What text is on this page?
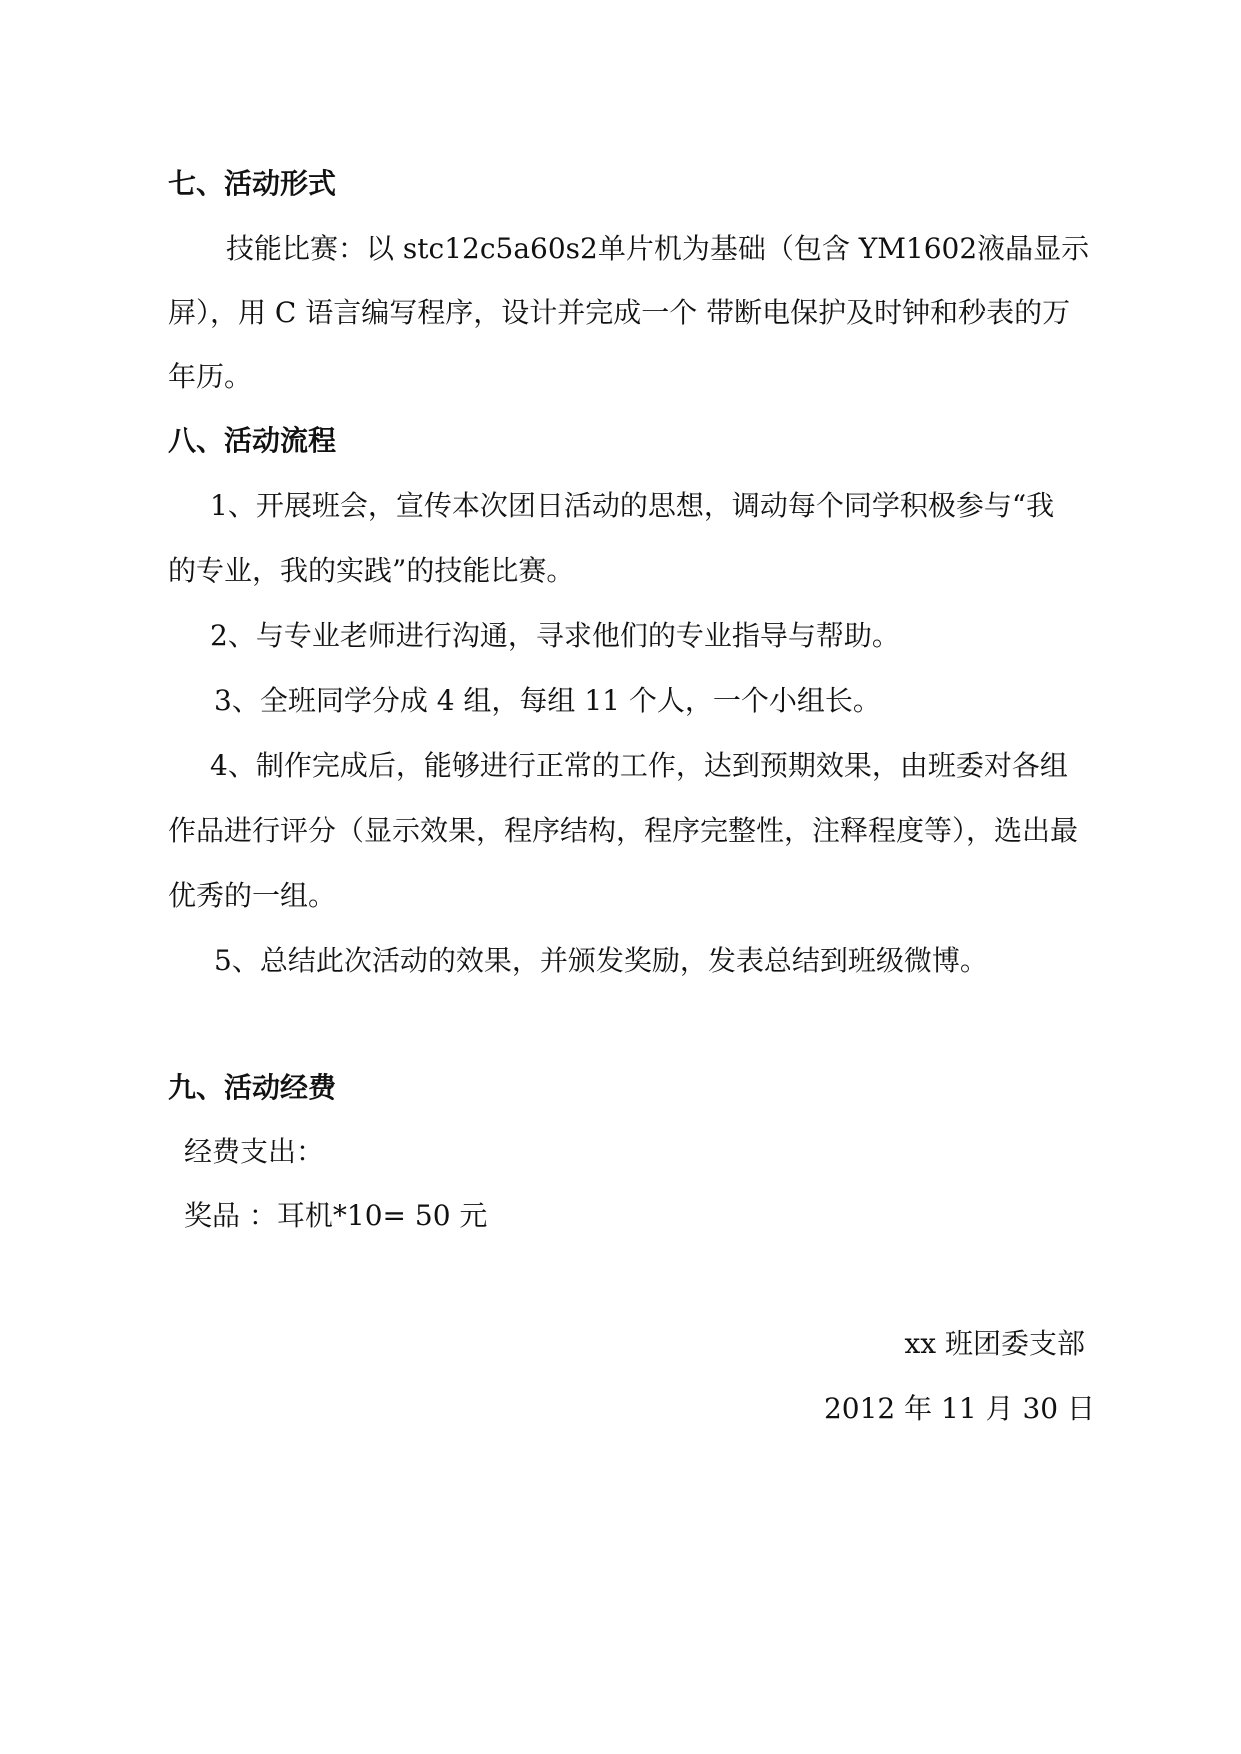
七、活动形式

技能比赛：以 stc12c5a60s2单片机为基础（包含 YM1602液晶显示

屏），用 C 语言编写程序，设计并完成一个 带断电保护及时钟和秒表的万

年历。

八、活动流程

1、开展班会，宣传本次团日活动的思想，调动每个同学积极参与“我

的专业，我的实践”的技能比赛。

2、与专业老师进行沟通，寻求他们的专业指导与帮助。

3、全班同学分成 4 组，每组 11 个人，一个小组长。

4、制作完成后，能够进行正常的工作，达到预期效果，由班委对各组

作品进行评分（显示效果，程序结构，程序完整性，注释程度等），选出最

优秀的一组。

5、总结此次活动的效果，并颁发奖励，发表总结到班级微博。

九、活动经费

经费支出：

奖品 ：耳机*10= 50 元

xx 班团委支部

2012 年 11 月 30 日
